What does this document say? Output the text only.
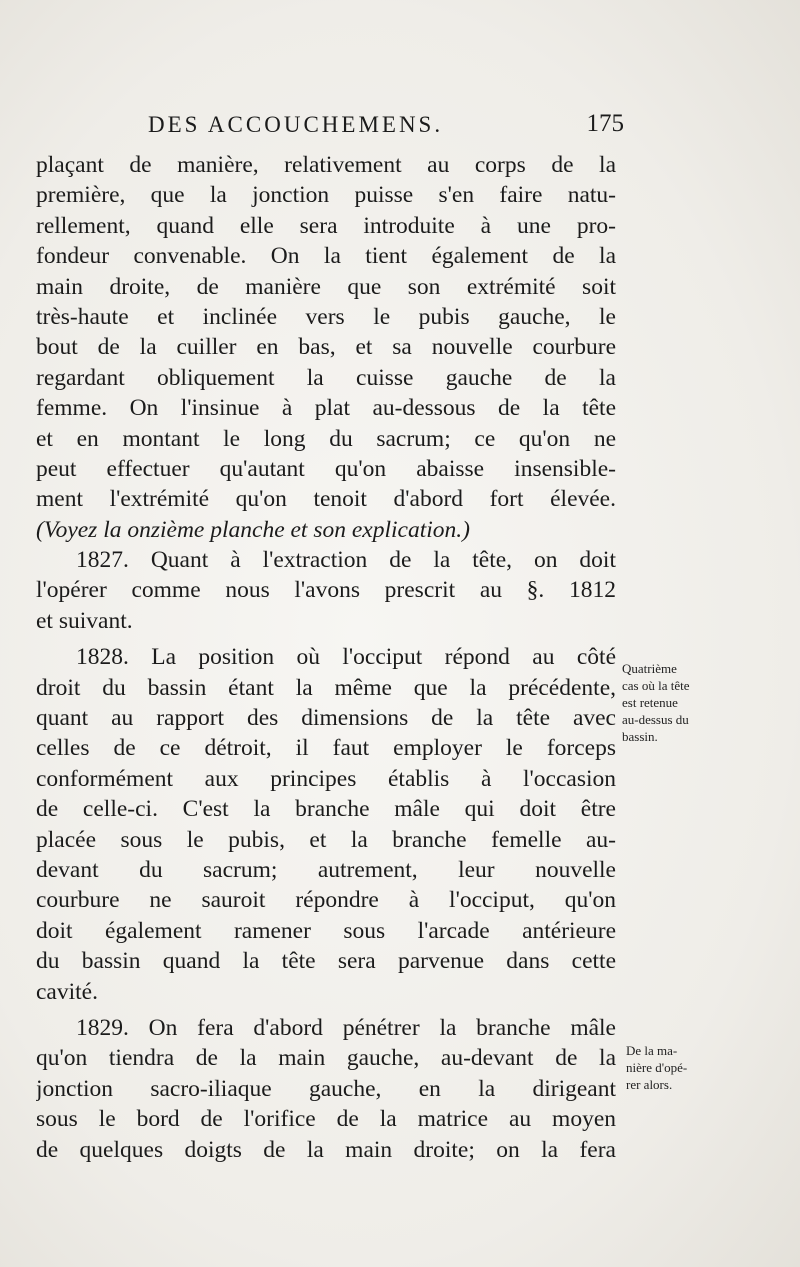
DES ACCOUCHEMENS.	175
plaçant de manière, relativement au corps de la
première, que la jonction puisse s'en faire natu-
rellement, quand elle sera introduite à une pro-
fondeur convenable. On la tient également de la
main droite, de manière que son extrémité soit
très-haute et inclinée vers le pubis gauche, le
bout de la cuiller en bas, et sa nouvelle courbure
regardant obliquement la cuisse gauche de la
femme. On l'insinue à plat au-dessous de la tête
et en montant le long du sacrum; ce qu'on ne
peut effectuer qu'autant qu'on abaisse insensible-
ment l'extrémité qu'on tenoit d'abord fort élevée.
(Voyez la onzième planche et son explication.)
1827. Quant à l'extraction de la tête, on doit
l'opérer comme nous l'avons prescrit au §. 1812
et suivant.
1828. La position où l'occiput répond au côté
droit du bassin étant la même que la précédente,
quant au rapport des dimensions de la tête avec
celles de ce détroit, il faut employer le forceps
conformément aux principes établis à l'occasion
de celle-ci. C'est la branche mâle qui doit être
placée sous le pubis, et la branche femelle au-
devant du sacrum; autrement, leur nouvelle
courbure ne sauroit répondre à l'occiput, qu'on
doit également ramener sous l'arcade antérieure
du bassin quand la tête sera parvenue dans cette
cavité.
1829. On fera d'abord pénétrer la branche mâle
qu'on tiendra de la main gauche, au-devant de la
jonction sacro-iliaque gauche, en la dirigeant
sous le bord de l'orifice de la matrice au moyen
de quelques doigts de la main droite; on la fera
Quatrième
cas où la tête
est retenue
au-dessus du
bassin.
De la ma-
nière d'opé-
rer alors.
